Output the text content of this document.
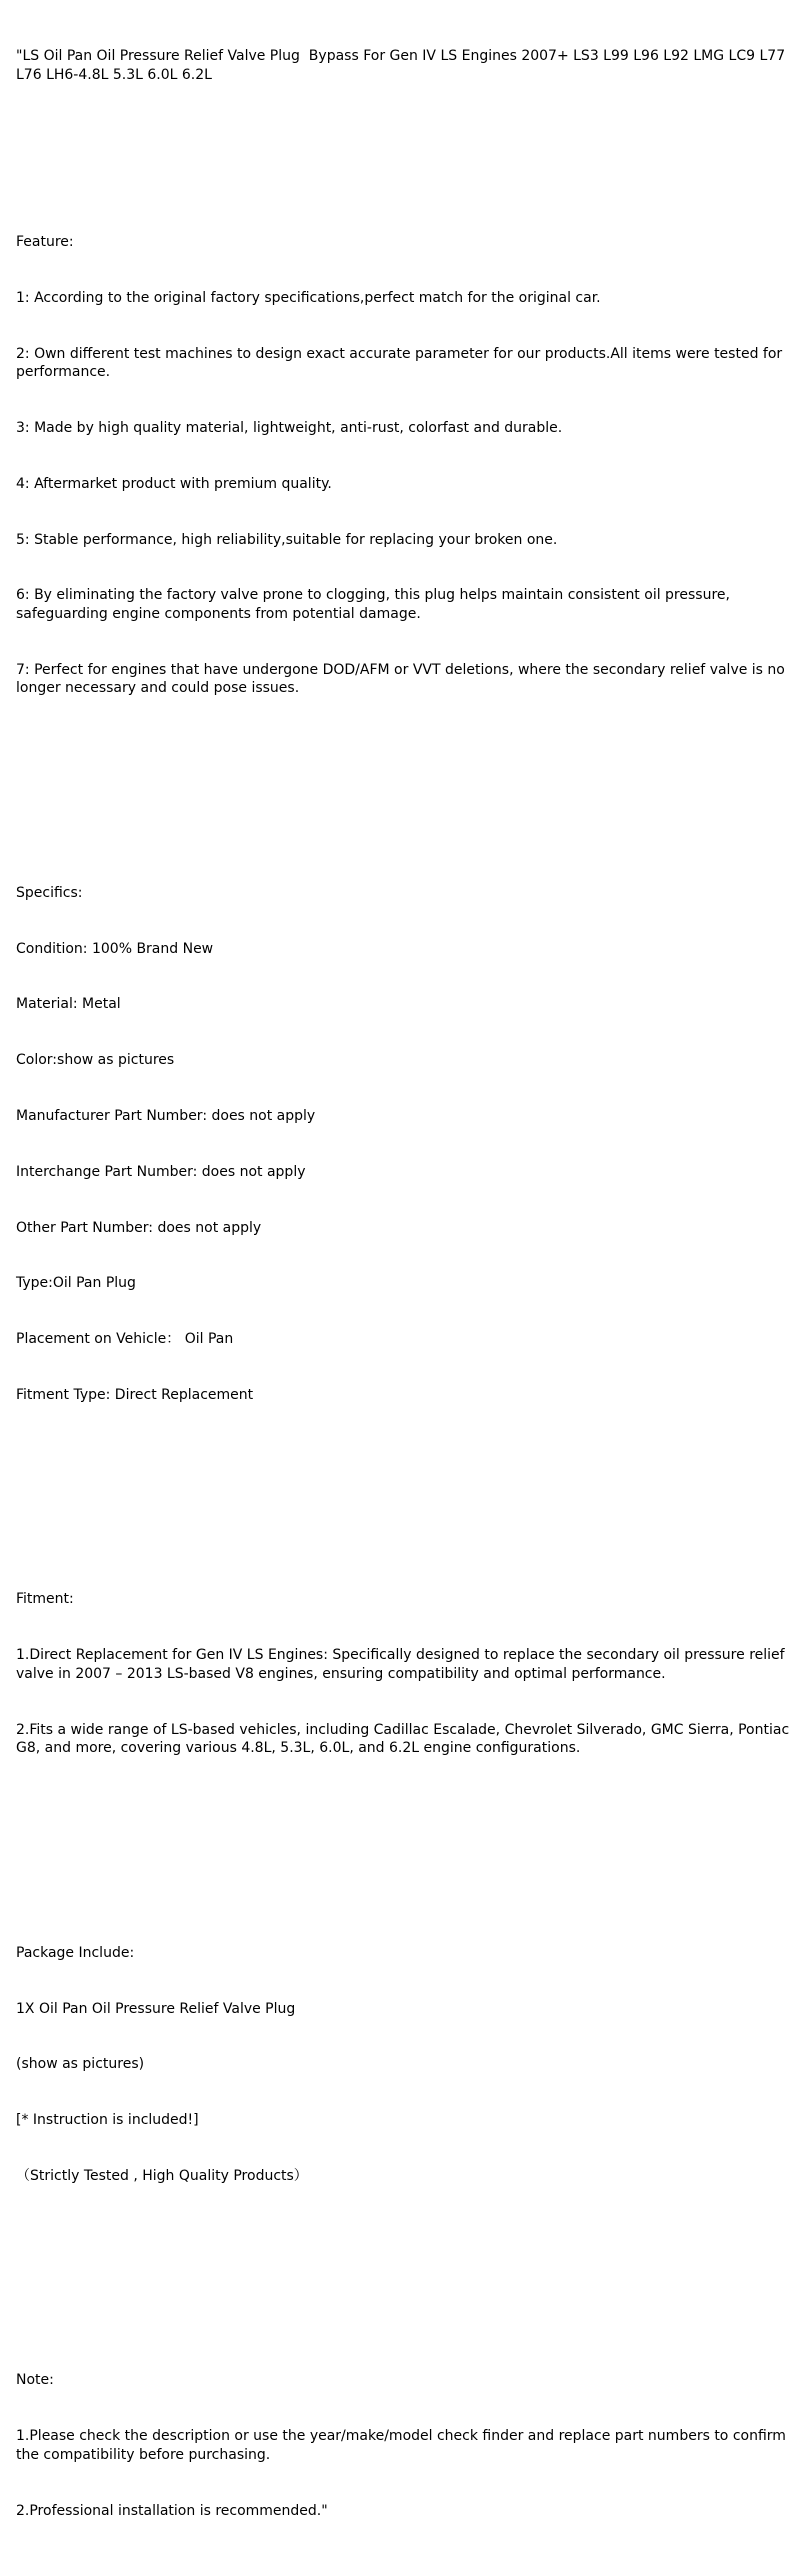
"LS Oil Pan Oil Pressure Relief Valve Plug  Bypass For Gen IV LS Engines 2007+ LS3 L99 L96 L92 LMG LC9 L77 L76 LH6-4.8L 5.3L 6.0L 6.2L

Feature:

1: According to the original factory specifications,perfect match for the original car.

2: Own different test machines to design exact accurate parameter for our products.All items were tested for performance.

3: Made by high quality material, lightweight, anti-rust, colorfast and durable.

4: Aftermarket product with premium quality.

5: Stable performance, high reliability,suitable for replacing your broken one.

6: By eliminating the factory valve prone to clogging, this plug helps maintain consistent oil pressure, safeguarding engine components from potential damage.

7: Perfect for engines that have undergone DOD/AFM or VVT deletions, where the secondary relief valve is no longer necessary and could pose issues.

Specifics:

Condition: 100% Brand New

Material: Metal

Color:show as pictures

Manufacturer Part Number: does not apply

Interchange Part Number: does not apply

Other Part Number: does not apply

Type:Oil Pan Plug

Placement on Vehicle： Oil Pan

Fitment Type: Direct Replacement

Fitment:

1.Direct Replacement for Gen IV LS Engines: Specifically designed to replace the secondary oil pressure relief valve in 2007 – 2013 LS-based V8 engines, ensuring compatibility and optimal performance.

2.Fits a wide range of LS-based vehicles, including Cadillac Escalade, Chevrolet Silverado, GMC Sierra, Pontiac G8, and more, covering various 4.8L, 5.3L, 6.0L, and 6.2L engine configurations.

Package Include:

1X Oil Pan Oil Pressure Relief Valve Plug

(show as pictures)

[* Instruction is included!]

（Strictly Tested , High Quality Products）

Note:

1.Please check the description or use the year/make/model check finder and replace part numbers to confirm the compatibility before purchasing.

2.Professional installation is recommended."
